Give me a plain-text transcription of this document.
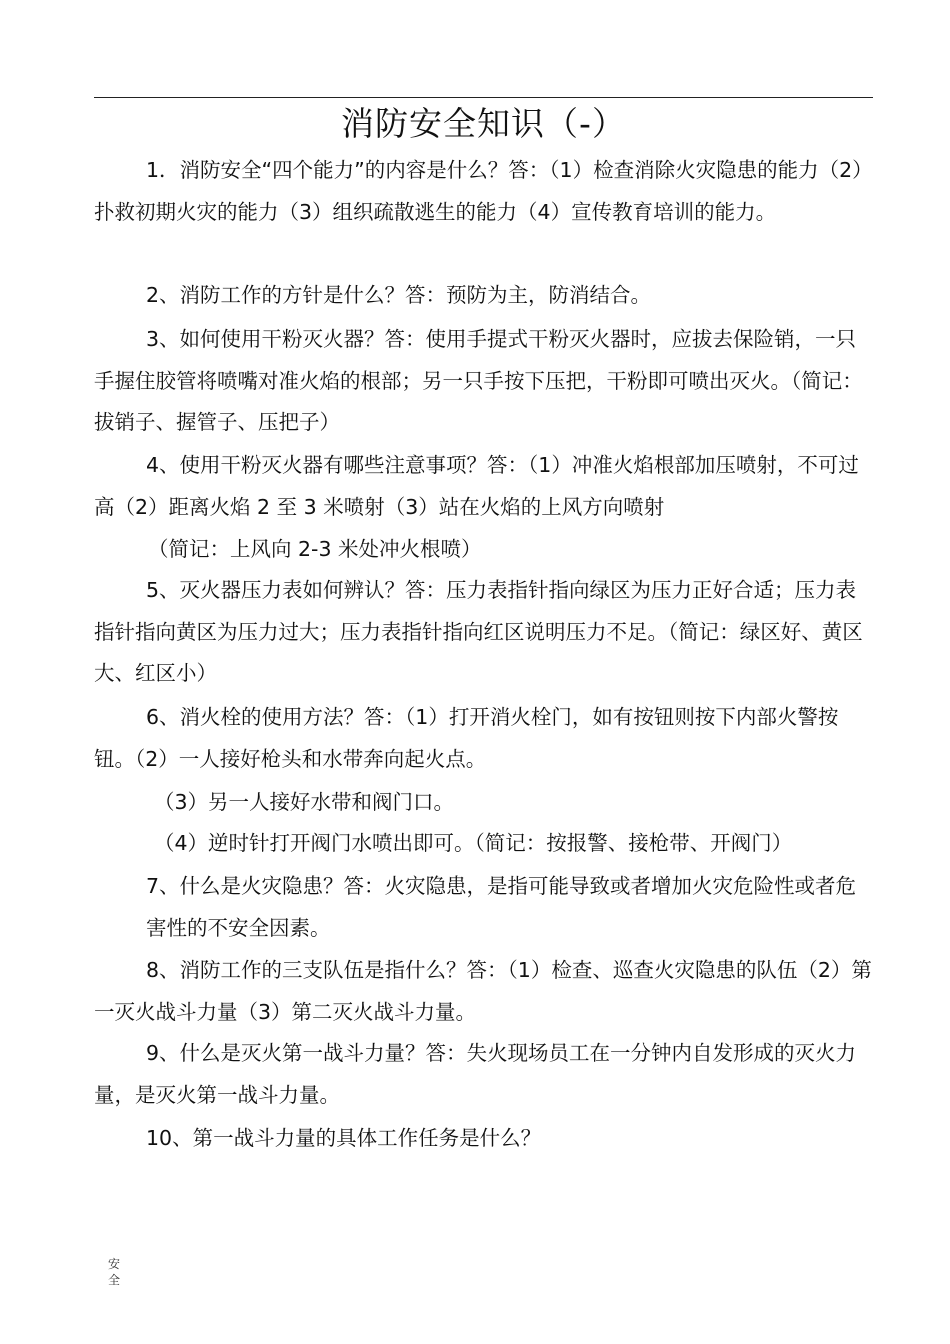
消防安全知识（-）

1．消防安全“四个能力”的内容是什么？答：（1）检查消除火灾隐患的能力（2）扑救初期火灾的能力（3）组织疏散逃生的能力（4）宣传教育培训的能力。

2、消防工作的方针是什么？答：预防为主，防消结合。

3、如何使用干粉灭火器？答：使用手提式干粉灭火器时，应拔去保险销，一只手握住胶管将喷嘴对准火焰的根部；另一只手按下压把，干粉即可喷出灭火。（简记：拔销子、握管子、压把子）

4、使用干粉灭火器有哪些注意事项？答：（1）冲准火焰根部加压喷射，不可过高（2）距离火焰 2 至 3 米喷射（3）站在火焰的上风方向喷射

（简记：上风向 2-3 米处冲火根喷）

5、灭火器压力表如何辨认？答：压力表指针指向绿区为压力正好合适；压力表指针指向黄区为压力过大；压力表指针指向红区说明压力不足。（简记：绿区好、黄区大、红区小）

6、消火栓的使用方法？答：（1）打开消火栓门，如有按钮则按下内部火警按钮。（2）一人接好枪头和水带奔向起火点。

（3）另一人接好水带和阀门口。

（4）逆时针打开阀门水喷出即可。（简记：按报警、接枪带、开阀门）

7、什么是火灾隐患？答：火灾隐患，是指可能导致或者增加火灾危险性或者危害性的不安全因素。

8、消防工作的三支队伍是指什么？答：（1）检查、巡查火灾隐患的队伍（2）第一灭火战斗力量（3）第二灭火战斗力量。

9、什么是灭火第一战斗力量？答：失火现场员工在一分钟内自发形成的灭火力量，是灭火第一战斗力量。

10、第一战斗力量的具体工作任务是什么？

安全
